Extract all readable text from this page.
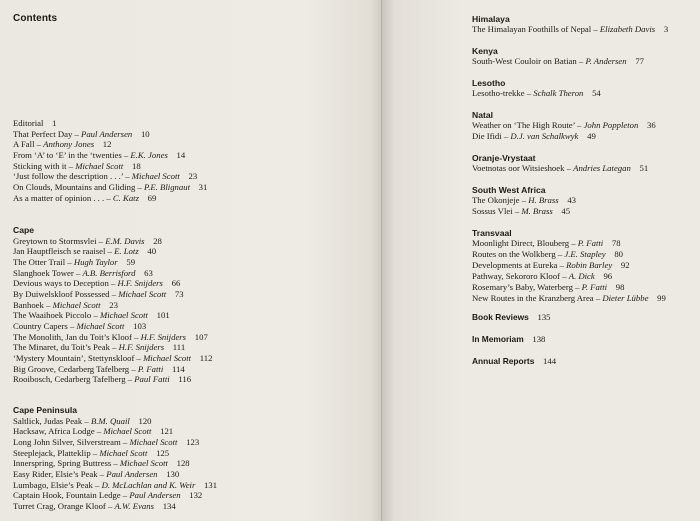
Contents
Editorial 1
That Perfect Day – Paul Andersen 10
A Fall – Anthony Jones 12
From ‘A’ to ‘E’ in the ‘twenties – E.K. Jones 14
Sticking with it – Michael Scott 18
‘Just follow the description . . .’ – Michael Scott 23
On Clouds, Mountains and Gliding – P.E. Blignaut 31
As a matter of opinion . . . – C. Katz 69
Cape
Greytown to Stormsvlei – E.M. Davis 28
Jan Hauptfleisch se raaisel – E. Lotz 40
The Otter Trail – Hugh Taylor 59
Slanghoek Tower – A.B. Berrisford 63
Devious ways to Deception – H.F. Snijders 66
By Duiwelskloof Possessed – Michael Scott 73
Banhoek – Michael Scott 23
The Waaihoek Piccolo – Michael Scott 101
Country Capers – Michael Scott 103
The Monolith, Jan du Toit’s Kloof – H.F. Snijders 107
The Minaret, du Toit’s Peak – H.F. Snijders 111
‘Mystery Mountain’, Stettynskloof – Michael Scott 112
Big Groove, Cedarberg Tafelberg – P. Fatti 114
Rooibosch, Cedarberg Tafelberg – Paul Fatti 116
Cape Peninsula
Saltlick, Judas Peak – B.M. Quail 120
Hacksaw, Africa Lodge – Michael Scott 121
Long John Silver, Silverstream – Michael Scott 123
Steeplejack, Platteklip – Michael Scott 125
Innerspring, Spring Buttress – Michael Scott 128
Easy Rider, Elsie’s Peak – Paul Andersen 130
Lumbago, Elsie’s Peak – D. McLachlan and K. Weir 131
Captain Hook, Fountain Ledge – Paul Andersen 132
Turret Crag, Orange Kloof – A.W. Evans 134
Himalaya
The Himalayan Foothills of Nepal – Elizabeth Davis 3
Kenya
South-West Couloir on Batian – P. Andersen 77
Lesotho
Lesotho-trekke – Schalk Theron 54
Natal
Weather on ‘The High Route’ – John Poppleton 36
Die Ifidi – D.J. van Schalkwyk 49
Oranje-Vrystaat
Voetnotas oor Witsieshoek – Andries Lategan 51
South West Africa
The Okonjeje – H. Brass 43
Sossus Vlei – M. Brass 45
Transvaal
Moonlight Direct, Blouberg – P. Fatti 78
Routes on the Wolkberg – J.E. Stapley 80
Developments at Eureka – Robin Barley 92
Pathway, Sekororo Kloof – A. Dick 96
Rosemary’s Baby, Waterberg – P. Fatti 98
New Routes in the Kranzberg Area – Dieter Lübbe 99
Book Reviews 135
In Memoriam 138
Annual Reports 144
